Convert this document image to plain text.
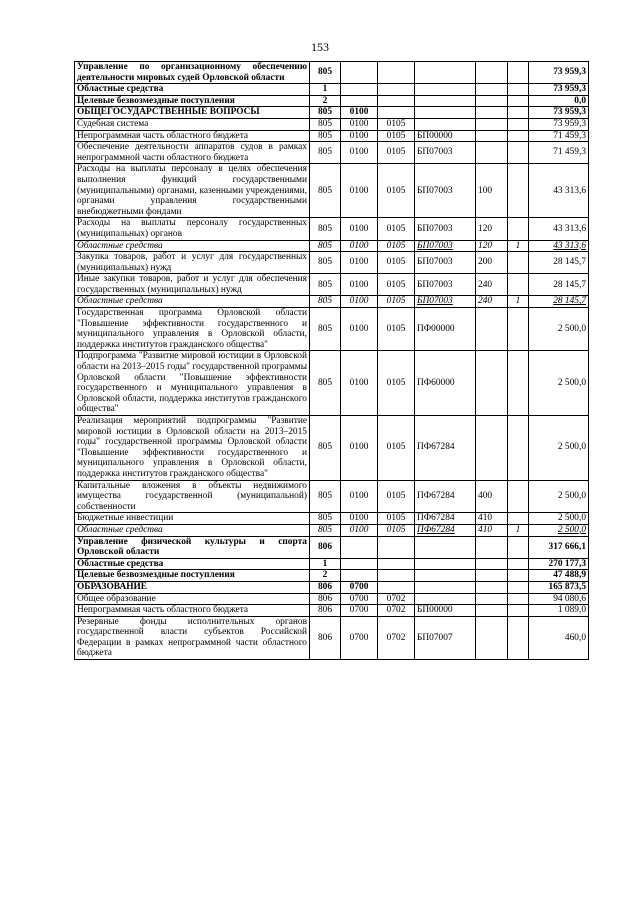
153
Управление по организационному обеспечению деятельности мировых судей Орловской области	805						73 959,3
Областные средства	1						73 959,3
Целевые безвозмездные поступления	2						0,0
ОБЩЕГОСУДАРСТВЕННЫЕ ВОПРОСЫ	805	0100					73 959,3
Судебная система	805	0100	0105				73 959,3
Непрограммная часть областного бюджета	805	0100	0105	БП00000			71 459,3
Обеспечение деятельности аппаратов судов в рамках непрограммной части областного бюджета	805	0100	0105	БП07003			71 459,3
Расходы на выплаты персоналу в целях обеспечения выполнения функций государственными (муниципальными) органами, казенными учреждениями, органами управления государственными внебюджетными фондами	805	0100	0105	БП07003	100		43 313,6
Расходы на выплаты персоналу государственных (муниципальных) органов	805	0100	0105	БП07003	120		43 313,6
Областные средства	805	0100	0105	БП07003	120	1	43 313,6
Закупка товаров, работ и услуг для государственных (муниципальных) нужд	805	0100	0105	БП07003	200		28 145,7
Иные закупки товаров, работ и услуг для обеспечения государственных (муниципальных) нужд	805	0100	0105	БП07003	240		28 145,7
Областные средства	805	0100	0105	БП07003	240	1	28 145,7
Государственная программа Орловской области "Повышение эффективности государственного и муниципального управления в Орловской области, поддержка институтов гражданского общества"	805	0100	0105	ПФ00000			2 500,0
Подпрограмма "Развитие мировой юстиции в Орловской области на 2013–2015 годы" государственной программы Орловской области "Повышение эффективности государственного и муниципального управления в Орловской области, поддержка институтов гражданского общества"	805	0100	0105	ПФ60000			2 500,0
Реализация мероприятий подпрограммы "Развитие мировой юстиции в Орловской области на 2013–2015 годы" государственной программы Орловской области "Повышение эффективности государственного и муниципального управления в Орловской области, поддержка институтов гражданского общества"	805	0100	0105	ПФ67284			2 500,0
Капитальные вложения в объекты недвижимого имущества государственной (муниципальной) собственности	805	0100	0105	ПФ67284	400		2 500,0
Бюджетные инвестиции	805	0100	0105	ПФ67284	410		2 500,0
Областные средства	805	0100	0105	ПФ67284	410	1	2 500,0
Управление физической культуры и спорта Орловской области	806						317 666,1
Областные средства	1						270 177,3
Целевые безвозмездные поступления	2						47 488,9
ОБРАЗОВАНИЕ	806	0700					165 873,5
Общее образование	806	0700	0702				94 080,6
Непрограммная часть областного бюджета	806	0700	0702	БП00000			1 089,0
Резервные фонды исполнительных органов государственной власти субъектов Российской Федерации в рамках непрограммной части областного бюджета	806	0700	0702	БП07007			460,0
